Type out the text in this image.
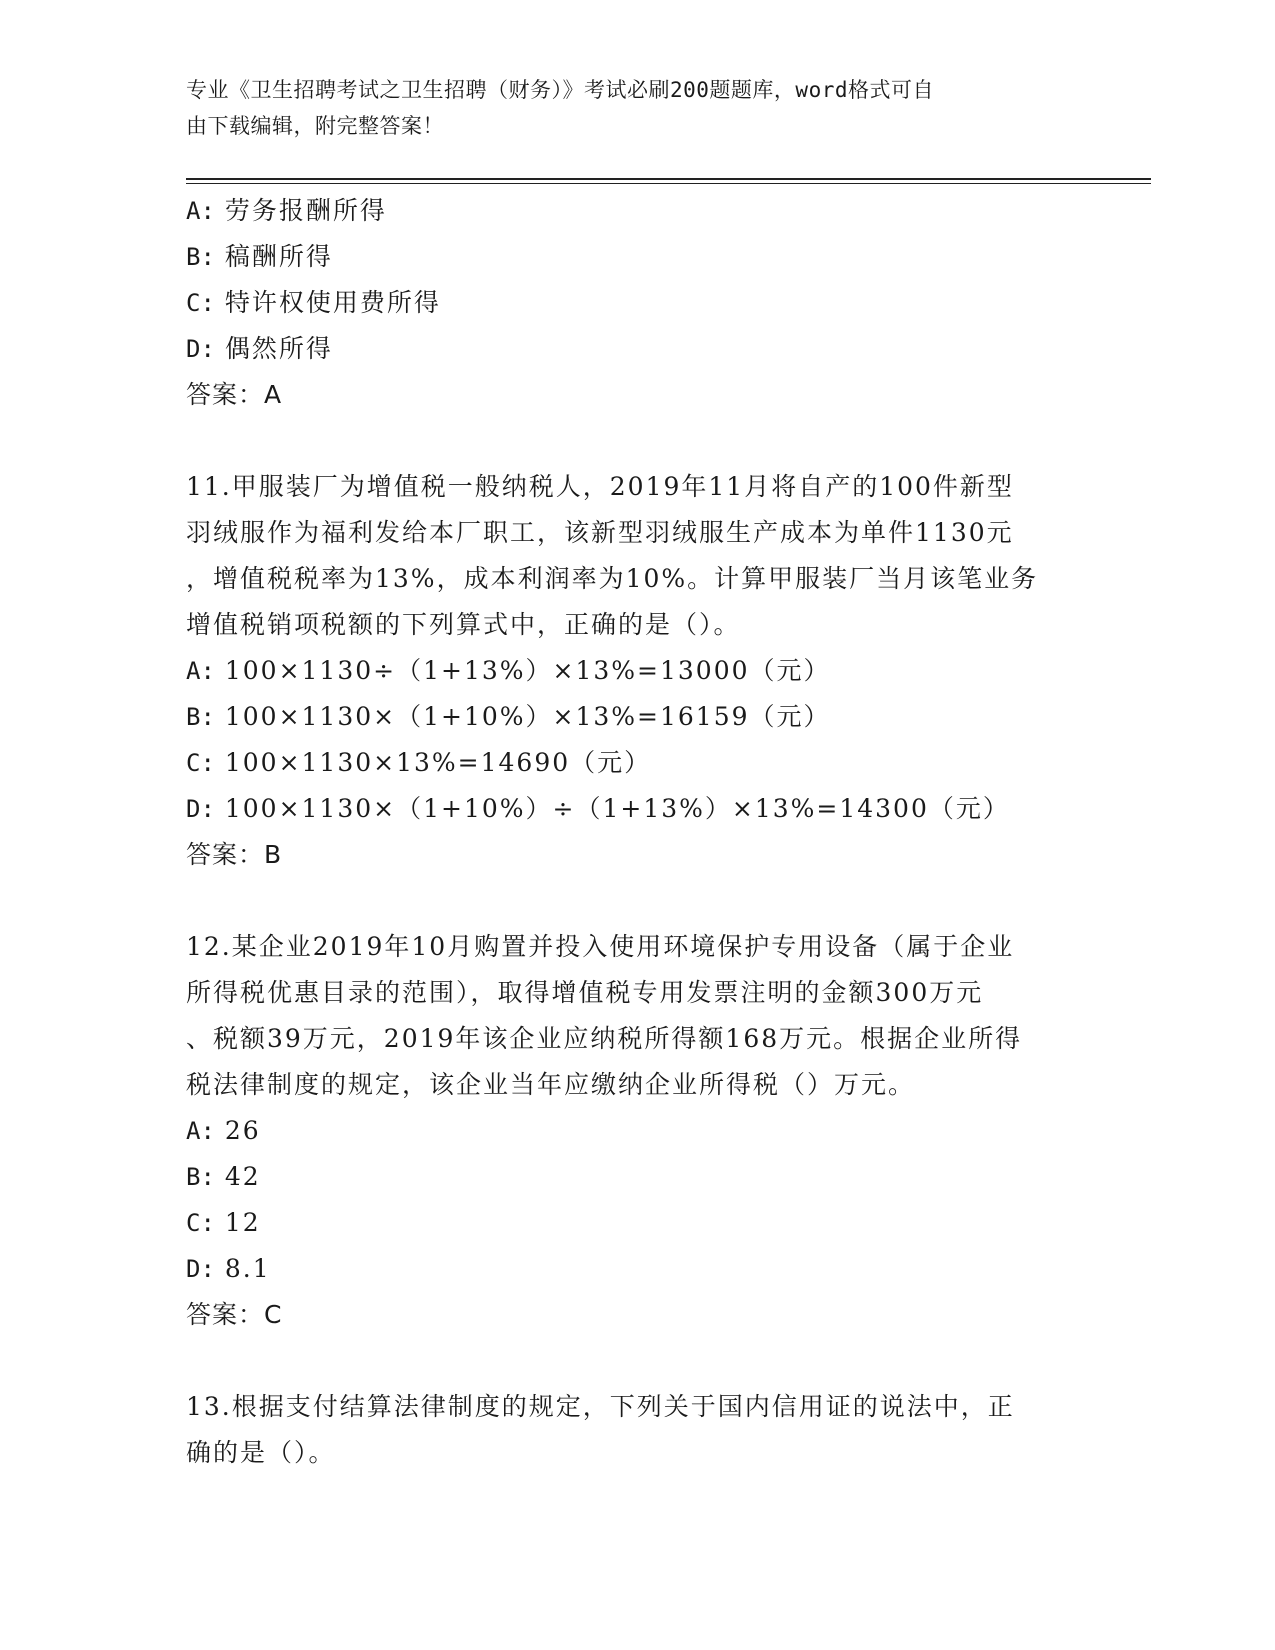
专业《卫生招聘考试之卫生招聘（财务）》考试必刷200题题库，word格式可自
由下载编辑，附完整答案！
A: 劳务报酬所得
B: 稿酬所得
C: 特许权使用费所得
D: 偶然所得
答案：A
11.甲服装厂为增值税一般纳税人，2019年11月将自产的100件新型
羽绒服作为福利发给本厂职工，该新型羽绒服生产成本为单件1130元
，增值税税率为13%，成本利润率为10%。计算甲服装厂当月该笔业务
增值税销项税额的下列算式中，正确的是（）。
A: 100×1130÷（1+13%）×13%=13000（元）
B: 100×1130×（1+10%）×13%=16159（元）
C: 100×1130×13%=14690（元）
D: 100×1130×（1+10%）÷（1+13%）×13%=14300（元）
答案：B
12.某企业2019年10月购置并投入使用环境保护专用设备（属于企业
所得税优惠目录的范围），取得增值税专用发票注明的金额300万元
、税额39万元，2019年该企业应纳税所得额168万元。根据企业所得
税法律制度的规定，该企业当年应缴纳企业所得税（）万元。
A: 26
B: 42
C: 12
D: 8.1
答案：C
13.根据支付结算法律制度的规定，下列关于国内信用证的说法中，正
确的是（）。
